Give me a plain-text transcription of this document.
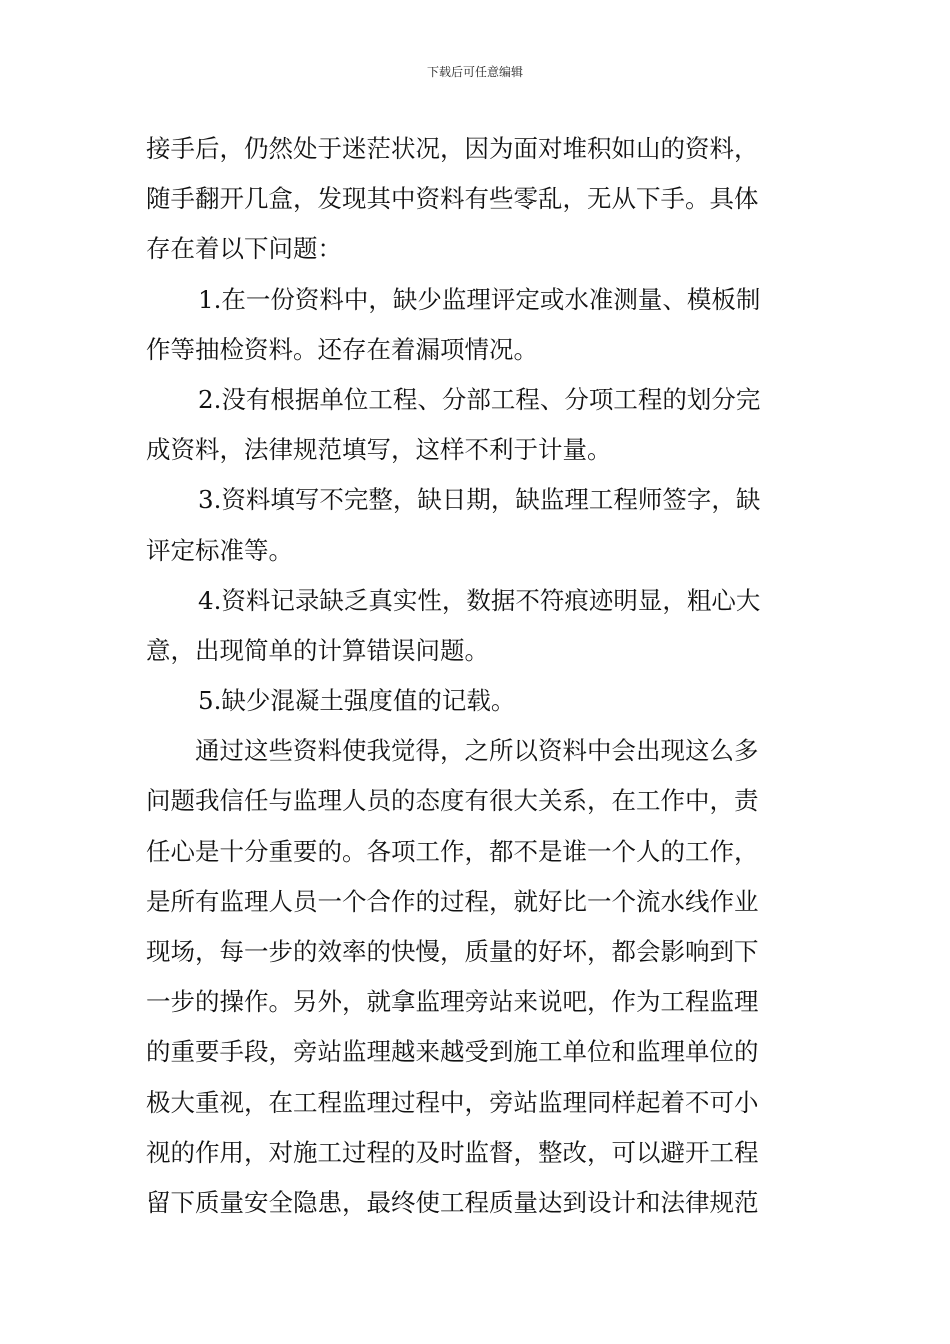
下载后可任意编辑
接手后，仍然处于迷茫状况，因为面对堆积如山的资料，
随手翻开几盒，发现其中资料有些零乱，无从下手。具体
存在着以下问题：
1.在一份资料中，缺少监理评定或水准测量、模板制
作等抽检资料。还存在着漏项情况。
2.没有根据单位工程、分部工程、分项工程的划分完
成资料，法律规范填写，这样不利于计量。
3.资料填写不完整，缺日期，缺监理工程师签字，缺
评定标准等。
4.资料记录缺乏真实性，数据不符痕迹明显，粗心大
意，出现简单的计算错误问题。
5.缺少混凝土强度值的记载。
通过这些资料使我觉得，之所以资料中会出现这么多
问题我信任与监理人员的态度有很大关系，在工作中，责
任心是十分重要的。各项工作，都不是谁一个人的工作，
是所有监理人员一个合作的过程，就好比一个流水线作业
现场，每一步的效率的快慢，质量的好坏，都会影响到下
一步的操作。另外，就拿监理旁站来说吧，作为工程监理
的重要手段，旁站监理越来越受到施工单位和监理单位的
极大重视，在工程监理过程中，旁站监理同样起着不可小
视的作用，对施工过程的及时监督，整改，可以避开工程
留下质量安全隐患，最终使工程质量达到设计和法律规范
